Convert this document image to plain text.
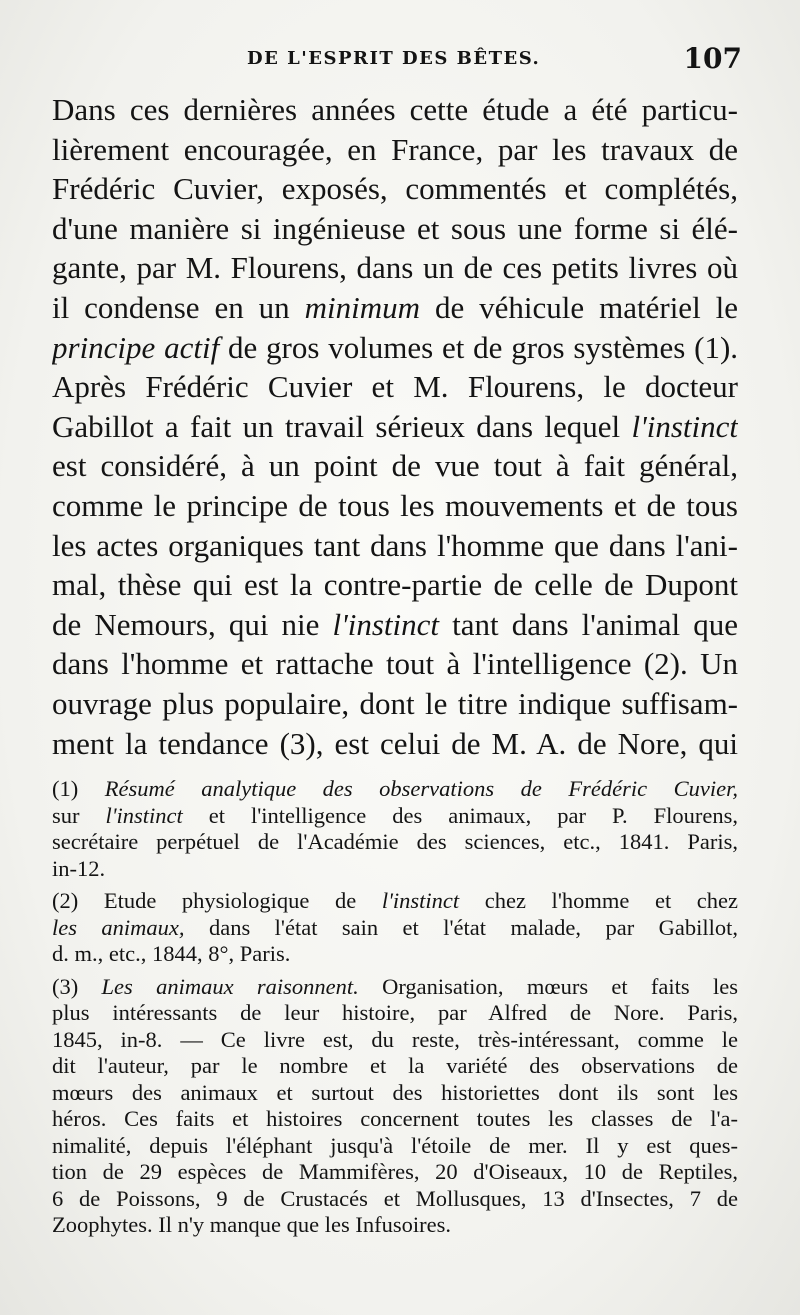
DE L'ESPRIT DES BÊTES.	107
Dans ces dernières années cette étude a été particu-
lièrement encouragée, en France, par les travaux de
Frédéric Cuvier, exposés, commentés et complétés,
d'une manière si ingénieuse et sous une forme si élé-
gante, par M. Flourens, dans un de ces petits livres où
il condense en un minimum de véhicule matériel le
principe actif de gros volumes et de gros systèmes (1).
Après Frédéric Cuvier et M. Flourens, le docteur
Gabillot a fait un travail sérieux dans lequel l'instinct
est considéré, à un point de vue tout à fait général,
comme le principe de tous les mouvements et de tous
les actes organiques tant dans l'homme que dans l'ani-
mal, thèse qui est la contre-partie de celle de Dupont
de Nemours, qui nie l'instinct tant dans l'animal que
dans l'homme et rattache tout à l'intelligence (2). Un
ouvrage plus populaire, dont le titre indique suffisam-
ment la tendance (3), est celui de M. A. de Nore, qui
(1) Résumé analytique des observations de Frédéric Cuvier,
sur l'instinct et l'intelligence des animaux, par P. Flourens,
secrétaire perpétuel de l'Académie des sciences, etc., 1841. Paris,
in-12.
(2) Etude physiologique de l'instinct chez l'homme et chez
les animaux, dans l'état sain et l'état malade, par Gabillot,
d. m., etc., 1844, 8°, Paris.
(3) Les animaux raisonnent. Organisation, mœurs et faits les
plus intéressants de leur histoire, par Alfred de Nore. Paris,
1845, in-8. — Ce livre est, du reste, très-intéressant, comme le
dit l'auteur, par le nombre et la variété des observations de
mœurs des animaux et surtout des historiettes dont ils sont les
héros. Ces faits et histoires concernent toutes les classes de l'a-
nimalité, depuis l'éléphant jusqu'à l'étoile de mer. Il y est ques-
tion de 29 espèces de Mammifères, 20 d'Oiseaux, 10 de Reptiles,
6 de Poissons, 9 de Crustacés et Mollusques, 13 d'Insectes, 7 de
Zoophytes. Il n'y manque que les Infusoires.
